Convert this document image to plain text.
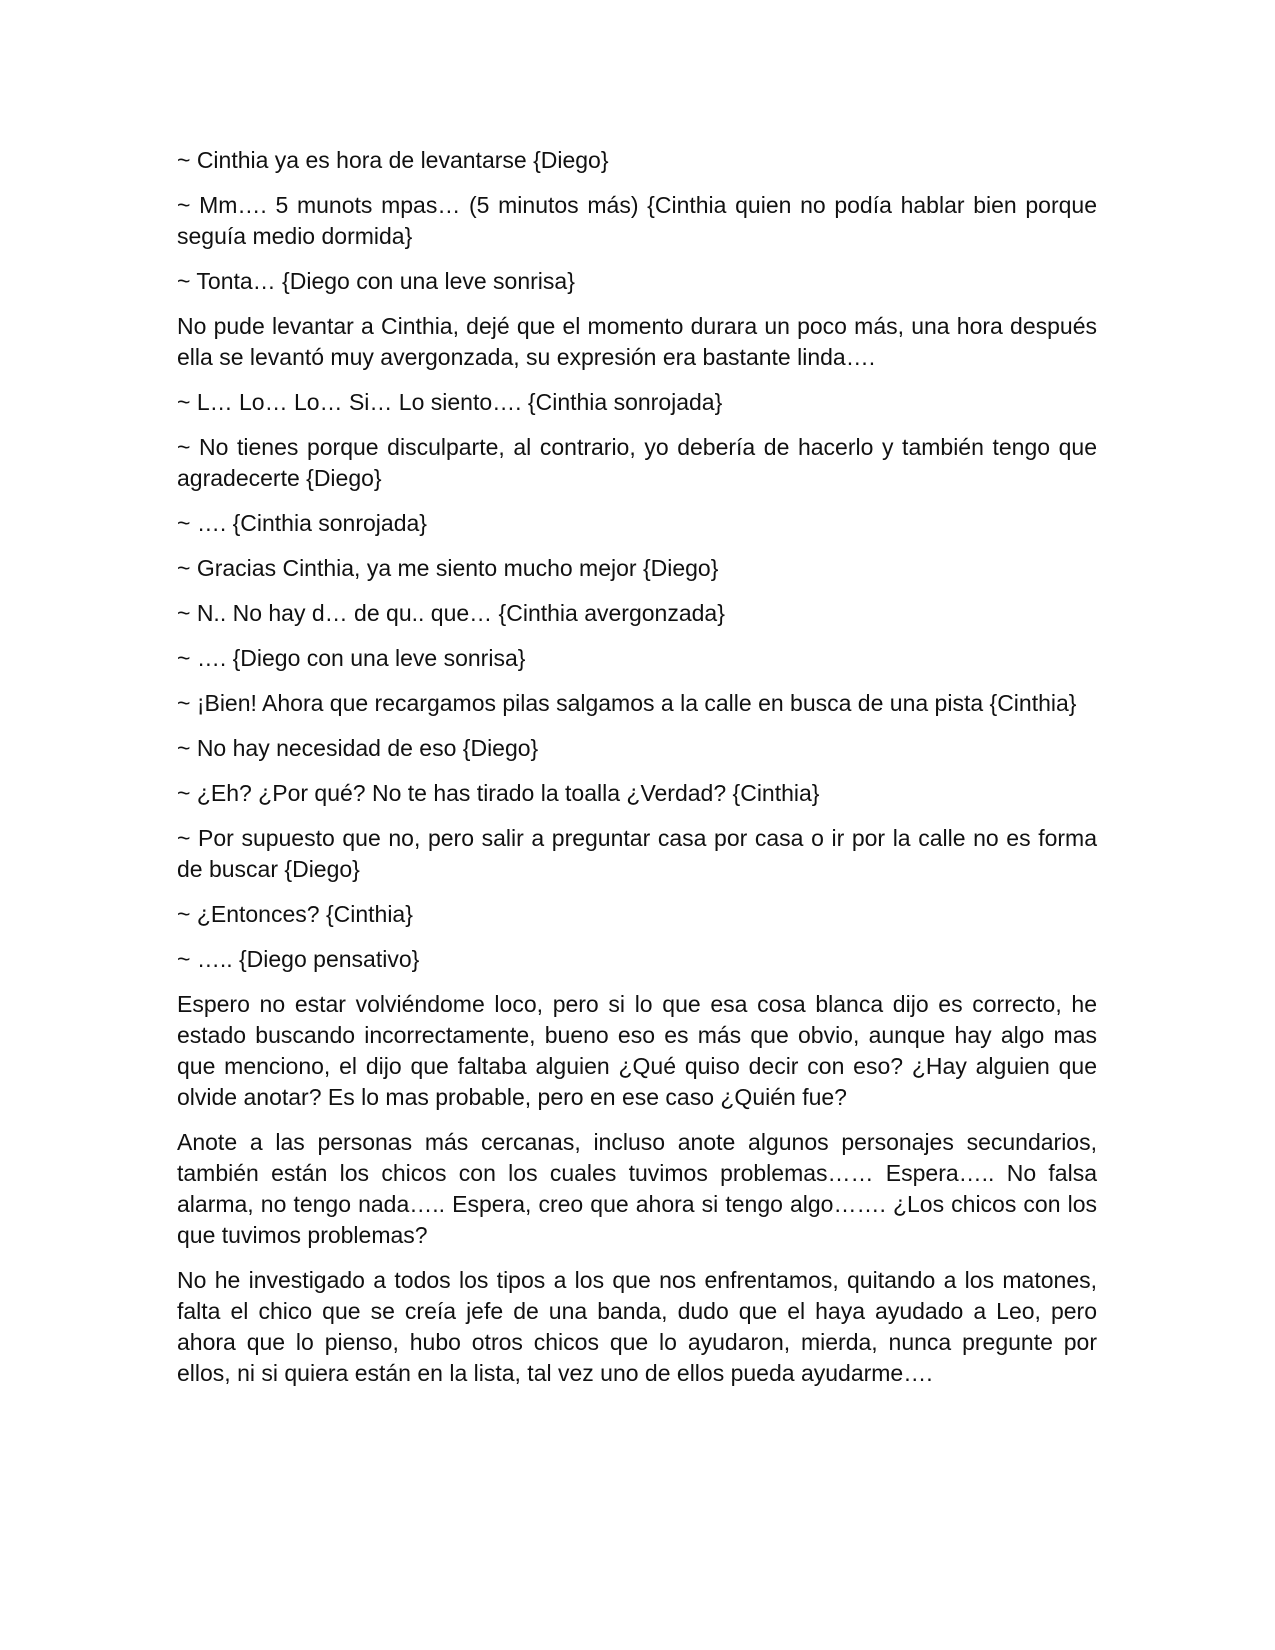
~ Cinthia ya es hora de levantarse {Diego}

~ Mm…. 5 munots mpas… (5 minutos más) {Cinthia quien no podía hablar bien porque seguía medio dormida}

~ Tonta… {Diego con una leve sonrisa}

No pude levantar a Cinthia, dejé que el momento durara un poco más, una hora después ella se levantó muy avergonzada, su expresión era bastante linda….

~ L… Lo… Lo… Si… Lo siento…. {Cinthia sonrojada}

~ No tienes porque disculparte, al contrario, yo debería de hacerlo y también tengo que agradecerte {Diego}

~ …. {Cinthia sonrojada}

~ Gracias Cinthia, ya me siento mucho mejor {Diego}

~ N.. No hay d… de qu.. que… {Cinthia avergonzada}

~ …. {Diego con una leve sonrisa}

~ ¡Bien! Ahora que recargamos pilas salgamos a la calle en busca de una pista {Cinthia}

~ No hay necesidad de eso {Diego}

~ ¿Eh? ¿Por qué? No te has tirado la toalla ¿Verdad? {Cinthia}

~ Por supuesto que no, pero salir a preguntar casa por casa o ir por la calle no es forma de buscar {Diego}

~ ¿Entonces? {Cinthia}

~ ….. {Diego pensativo}

Espero no estar volviéndome loco, pero si lo que esa cosa blanca dijo es correcto, he estado buscando incorrectamente, bueno eso es más que obvio, aunque hay algo mas que menciono, el dijo que faltaba alguien ¿Qué quiso decir con eso? ¿Hay alguien que olvide anotar? Es lo mas probable, pero en ese caso ¿Quién fue?

Anote a las personas más cercanas, incluso anote algunos personajes secundarios, también están los chicos con los cuales tuvimos problemas…… Espera….. No falsa alarma, no tengo nada….. Espera, creo que ahora si tengo algo……. ¿Los chicos con los que tuvimos problemas?

No he investigado a todos los tipos a los que nos enfrentamos, quitando a los matones, falta el chico que se creía jefe de una banda, dudo que el haya ayudado a Leo, pero ahora que lo pienso, hubo otros chicos que lo ayudaron, mierda, nunca pregunte por ellos, ni si quiera están en la lista, tal vez uno de ellos pueda ayudarme….
